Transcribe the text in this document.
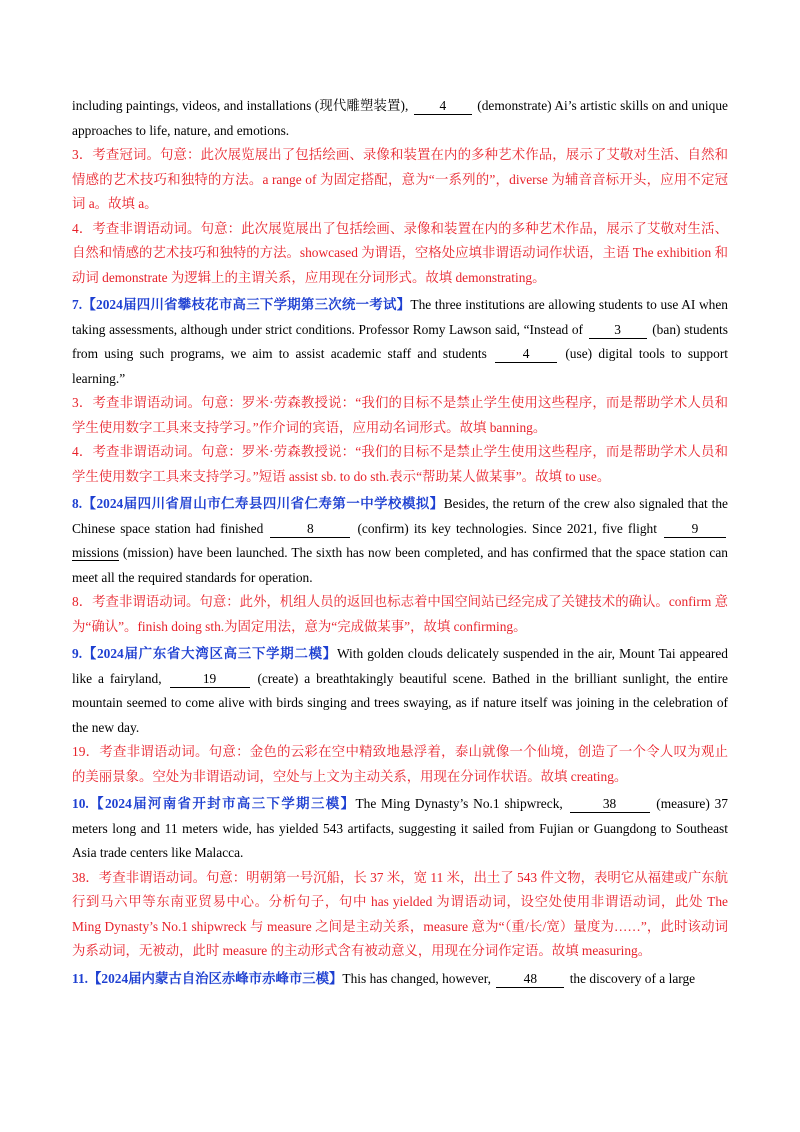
including paintings, videos, and installations (现代雕塑装置), 4 (demonstrate) Ai’s artistic skills on and unique approaches to life, nature, and emotions.

3．考查冠词。句意：此次展览展出了包括绘画、录像和装置在内的多种艺术作品，展示了艾敬对生活、自然和情感的艺术技巧和独特的方法。a range of 为固定搭配，意为“一系列的”，diverse 为辅音音标开头，应用不定冠词 a。故填 a。

4．考查非谓语动词。句意：此次展览展出了包括绘画、录像和装置在内的多种艺术作品，展示了艾敬对生活、自然和情感的艺术技巧和独特的方法。showcased 为谓语，空格处应填非谓语动词作状语，主语 The exhibition 和动词 demonstrate 为逻辑上的主谓关系，应用现在分词形式。故填 demonstrating。

7.【2024届四川省攀枝花市高三下学期第三次统一考试】The three institutions are allowing students to use AI when taking assessments, although under strict conditions. Professor Romy Lawson said, “Instead of 3 (ban) students from using such programs, we aim to assist academic staff and students 4 (use) digital tools to support learning.”

3．考查非谓语动词。句意：罗米·劳森教授说：“我们的目标不是禁止学生使用这些程序，而是帮助学术人员和学生使用数字工具来支持学习。”作介词的宾语，应用动名词形式。故填 banning。

4．考查非谓语动词。句意：罗米·劳森教授说：“我们的目标不是禁止学生使用这些程序，而是帮助学术人员和学生使用数字工具来支持学习。”短语 assist sb. to do sth.表示“帮助某人做某事”。故填 to use。

8.【2024届四川省眉山市仁寿县四川省仁寿第一中学校模拟】Besides, the return of the crew also signaled that the Chinese space station had finished	8	(confirm) its key technologies. Since 2021, five flight 9 missions (mission) have been launched. The sixth has now been completed, and has confirmed that the space station can meet all the required standards for operation.

8．考查非谓语动词。句意：此外，机组人员的返回也标志着中国空间站已经完成了关键技术的确认。confirm 意为“确认”。finish doing sth.为固定用法，意为“完成做某事”，故填 confirming。

9.【2024届广东省大湾区高三下学期二模】With golden clouds delicately suspended in the air, Mount Tai appeared like a fairyland,	19	(create) a breathtakingly beautiful scene. Bathed in the brilliant sunlight, the entire mountain seemed to come alive with birds singing and trees swaying, as if nature itself was joining in the celebration of the new day.

19．考查非谓语动词。句意：金色的云彩在空中精致地悬浮着，泰山就像一个仙境，创造了一个令人叹为观止的美丽景象。空处为非谓语动词，空处与上文为主动关系，用现在分词作状语。故填 creating。

10.【2024届河南省开封市高三下学期三模】The Ming Dynasty’s No.1 shipwreck,	38	(measure) 37 meters long and 11 meters wide, has yielded 543 artifacts, suggesting it sailed from Fujian or Guangdong to Southeast Asia trade centers like Malacca.

38．考查非谓语动词。句意：明朝第一号沉船，长 37 米，宽 11 米，出土了 543 件文物，表明它从福建或广东航行到马六甲等东南亚贸易中心。分析句子，句中 has yielded 为谓语动词，设空处使用非谓语动词，此处 The Ming Dynasty’s No.1 shipwreck 与 measure 之间是主动关系，measure 意为“（重/长/宽）量度为……”，此时该动词为系动词，无被动，此时 measure 的主动形式含有被动意义，用现在分词作定语。故填 measuring。

11.【2024届内蒙古自治区赤峰市赤峰市三模】This has changed, however, 48 the discovery of a large
